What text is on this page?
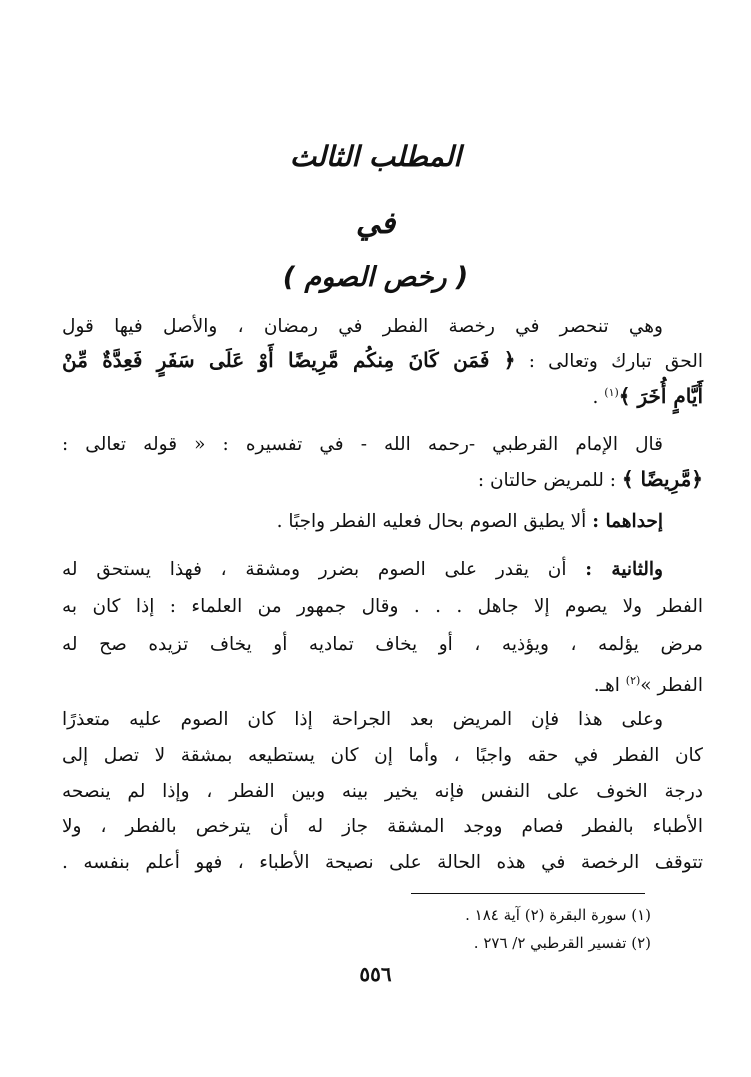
المطلب الثالث
في
( رخص الصوم )
وهي تنحصر في رخصة الفطر في رمضان ، والأصل فيها قول
الحق تبارك وتعالى : ﴿ فَمَن كَانَ مِنكُم مَّرِيضًا أَوْ عَلَى سَفَرٍ فَعِدَّةٌ مِّنْ
أَيَّامٍ أُخَرَ ﴾$^{(١)}$ .
قال الإمام القرطبي -رحمه الله - في تفسيره : « قوله تعالى :
﴿مَّرِيضًا ﴾ : للمريض حالتان :
إحداهما : ألا يطيق الصوم بحال فعليه الفطر واجبًا .
والثانية : أن يقدر على الصوم بضرر ومشقة ، فهذا يستحق له
الفطر ولا يصوم إلا جاهل . . . وقال جمهور من العلماء : إذا كان به
مرض يؤلمه ، ويؤذيه ، أو يخاف تماديه أو يخاف تزيده صح له
الفطر »$^{(٢)}$ اهـ.
وعلى هذا فإن المريض بعد الجراحة إذا كان الصوم عليه متعذرًا
كان الفطر في حقه واجبًا ، وأما إن كان يستطيعه بمشقة لا تصل إلى
درجة الخوف على النفس فإنه يخير بينه وبين الفطر ، وإذا لم ينصحه
الأطباء بالفطر فصام ووجد المشقة جاز له أن يترخص بالفطر ، ولا
تتوقف الرخصة في هذه الحالة على نصيحة الأطباء ، فهو أعلم بنفسه .
(١) سورة البقرة (٢) آية ١٨٤ .
(٢) تفسير القرطبي ٢/ ٢٧٦ .
٥٥٦
